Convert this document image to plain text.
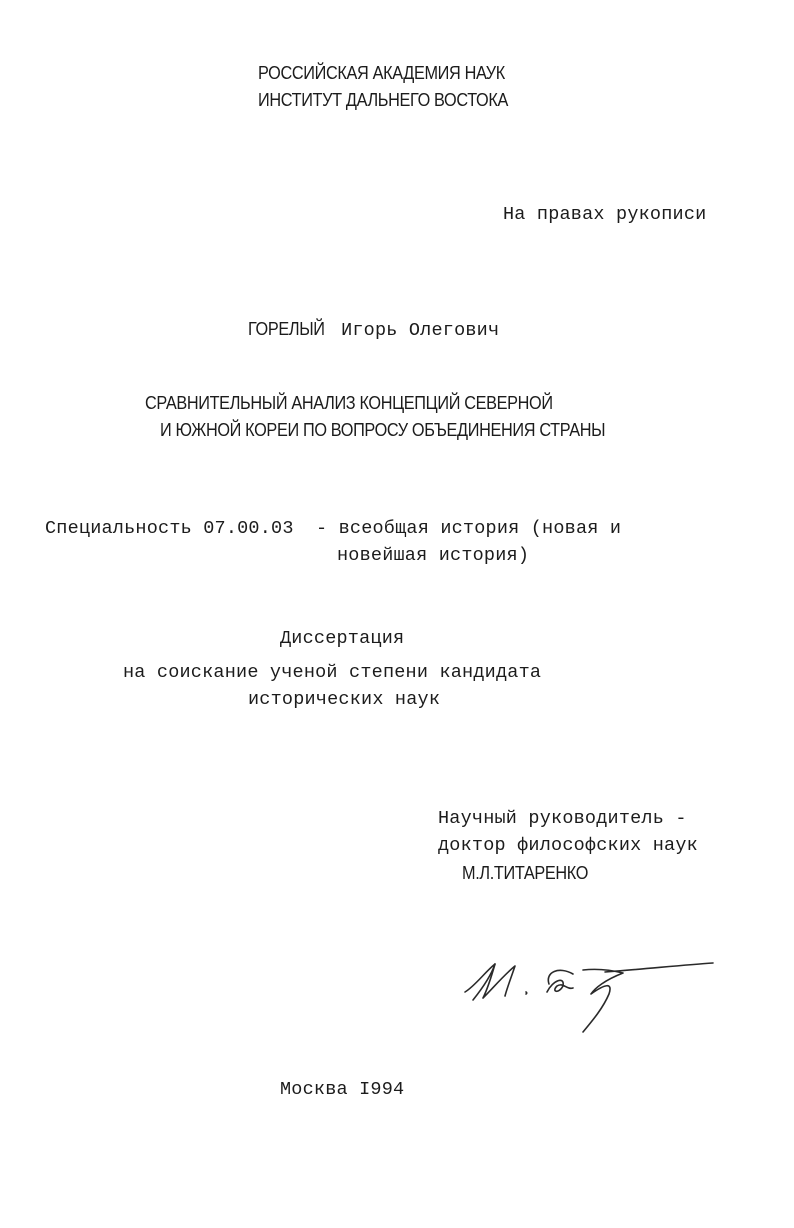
РОССИЙСКАЯ АКАДЕМИЯ НАУК
ИНСТИТУТ ДАЛЬНЕГО ВОСТОКА
На правах рукописи
ГОРЕЛЫЙ Игорь Олегович
СРАВНИТЕЛЬНЫЙ АНАЛИЗ КОНЦЕПЦИЙ СЕВЕРНОЙ
И ЮЖНОЙ КОРЕИ ПО ВОПРОСУ ОБЪЕДИНЕНИЯ СТРАНЫ
Специальность 07.00.03 - всеобщая история (новая и
новейшая история)
Диссертация
на соискание ученой степени кандидата
исторических наук
Научный руководитель -
доктор философских наук
М.Л.ТИТАРЕНКО
Москва I994
